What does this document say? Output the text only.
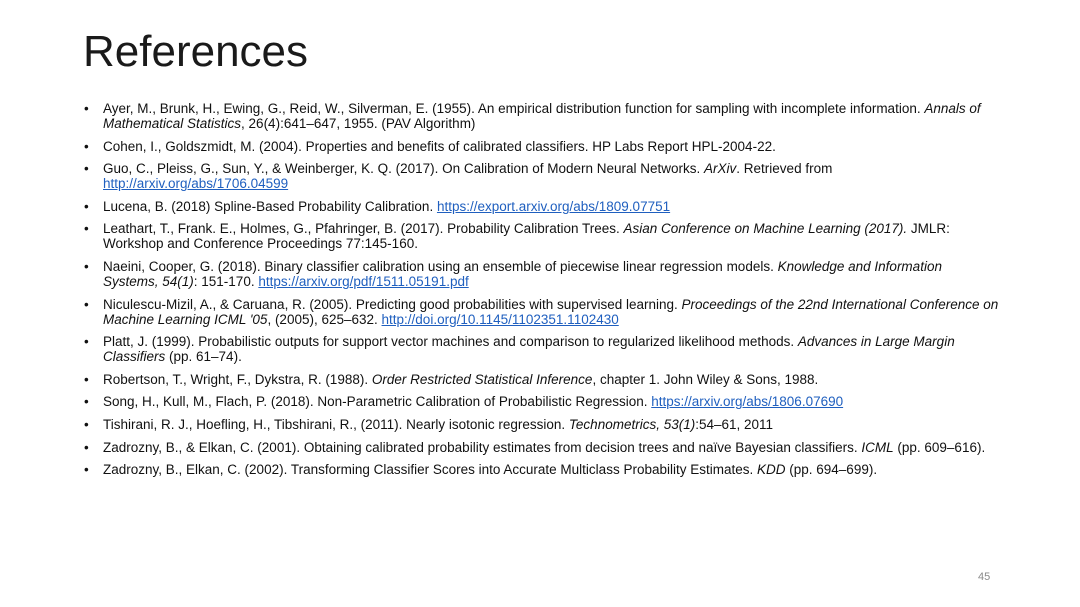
References
• Ayer, M., Brunk, H., Ewing, G., Reid, W., Silverman, E. (1955). An empirical distribution function for sampling with incomplete information. Annals of Mathematical Statistics, 26(4):641–647, 1955. (PAV Algorithm)
• Cohen, I., Goldszmidt, M. (2004). Properties and benefits of calibrated classifiers. HP Labs Report HPL-2004-22.
• Guo, C., Pleiss, G., Sun, Y., & Weinberger, K. Q. (2017). On Calibration of Modern Neural Networks. ArXiv. Retrieved from http://arxiv.org/abs/1706.04599
• Lucena, B. (2018) Spline-Based Probability Calibration. https://export.arxiv.org/abs/1809.07751
• Leathart, T., Frank. E., Holmes, G., Pfahringer, B. (2017). Probability Calibration Trees. Asian Conference on Machine Learning (2017). JMLR: Workshop and Conference Proceedings 77:145-160.
• Naeini, Cooper, G. (2018). Binary classifier calibration using an ensemble of piecewise linear regression models. Knowledge and Information Systems, 54(1): 151-170. https://arxiv.org/pdf/1511.05191.pdf
• Niculescu-Mizil, A., & Caruana, R. (2005). Predicting good probabilities with supervised learning. Proceedings of the 22nd International Conference on Machine Learning ICML '05, (2005), 625–632. http://doi.org/10.1145/1102351.1102430
• Platt, J. (1999). Probabilistic outputs for support vector machines and comparison to regularized likelihood methods. Advances in Large Margin Classifiers (pp. 61–74).
• Robertson, T., Wright, F., Dykstra, R. (1988). Order Restricted Statistical Inference, chapter 1. John Wiley & Sons, 1988.
• Song, H., Kull, M., Flach, P. (2018). Non-Parametric Calibration of Probabilistic Regression. https://arxiv.org/abs/1806.07690
• Tishirani, R. J., Hoefling, H., Tibshirani, R., (2011). Nearly isotonic regression. Technometrics, 53(1):54–61, 2011
• Zadrozny, B., & Elkan, C. (2001). Obtaining calibrated probability estimates from decision trees and naïve Bayesian classifiers. ICML (pp. 609–616).
• Zadrozny, B., Elkan, C. (2002). Transforming Classifier Scores into Accurate Multiclass Probability Estimates. KDD (pp. 694–699).
45
